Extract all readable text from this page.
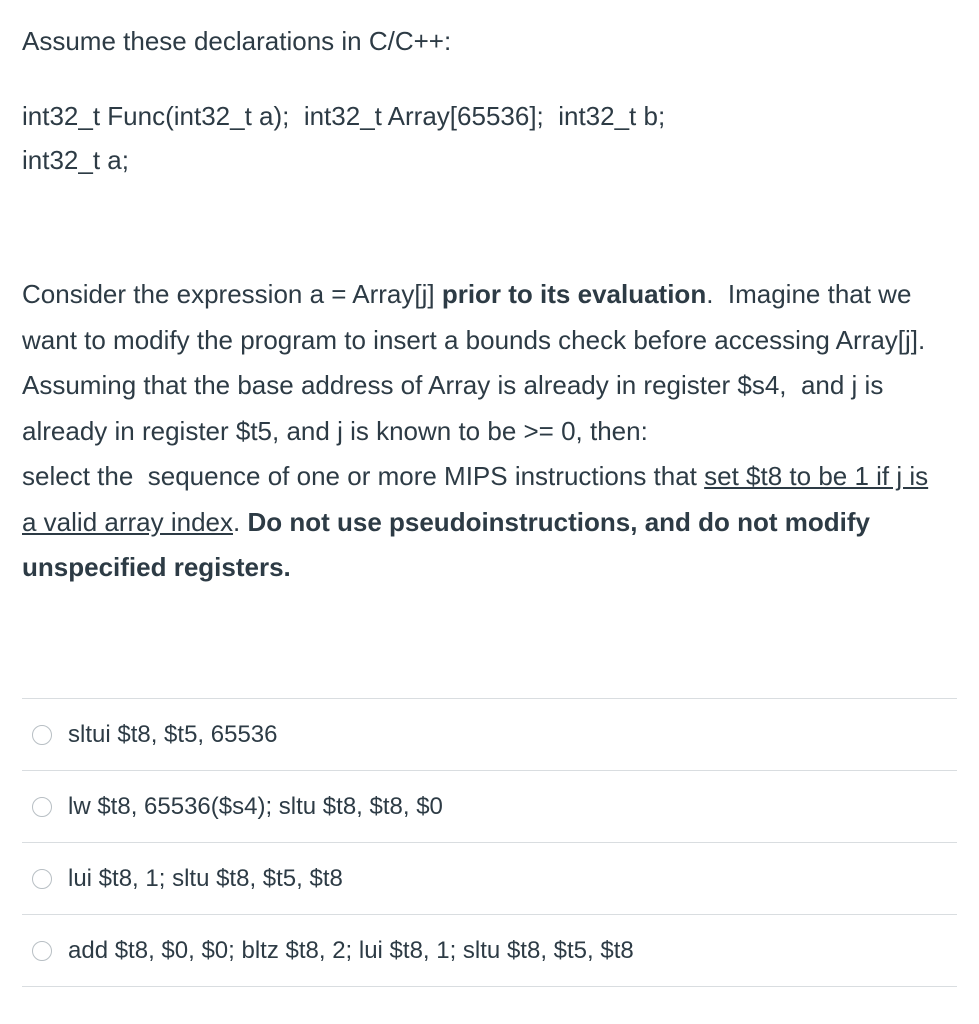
Assume these declarations in C/C++:

int32_t Func(int32_t a);  int32_t Array[65536];  int32_t b;
int32_t a;

Consider the expression a = Array[j] prior to its evaluation.  Imagine that we want to modify the program to insert a bounds check before accessing Array[j]. Assuming that the base address of Array is already in register $s4,  and j is already in register $t5, and j is known to be >= 0, then:
select the  sequence of one or more MIPS instructions that set $t8 to be 1 if j is a valid array index. Do not use pseudoinstructions, and do not modify unspecified registers.

sltui $t8, $t5, 65536
lw $t8, 65536($s4); sltu $t8, $t8, $0
lui $t8, 1; sltu $t8, $t5, $t8
add $t8, $0, $0; bltz $t8, 2; lui $t8, 1; sltu $t8, $t5, $t8
